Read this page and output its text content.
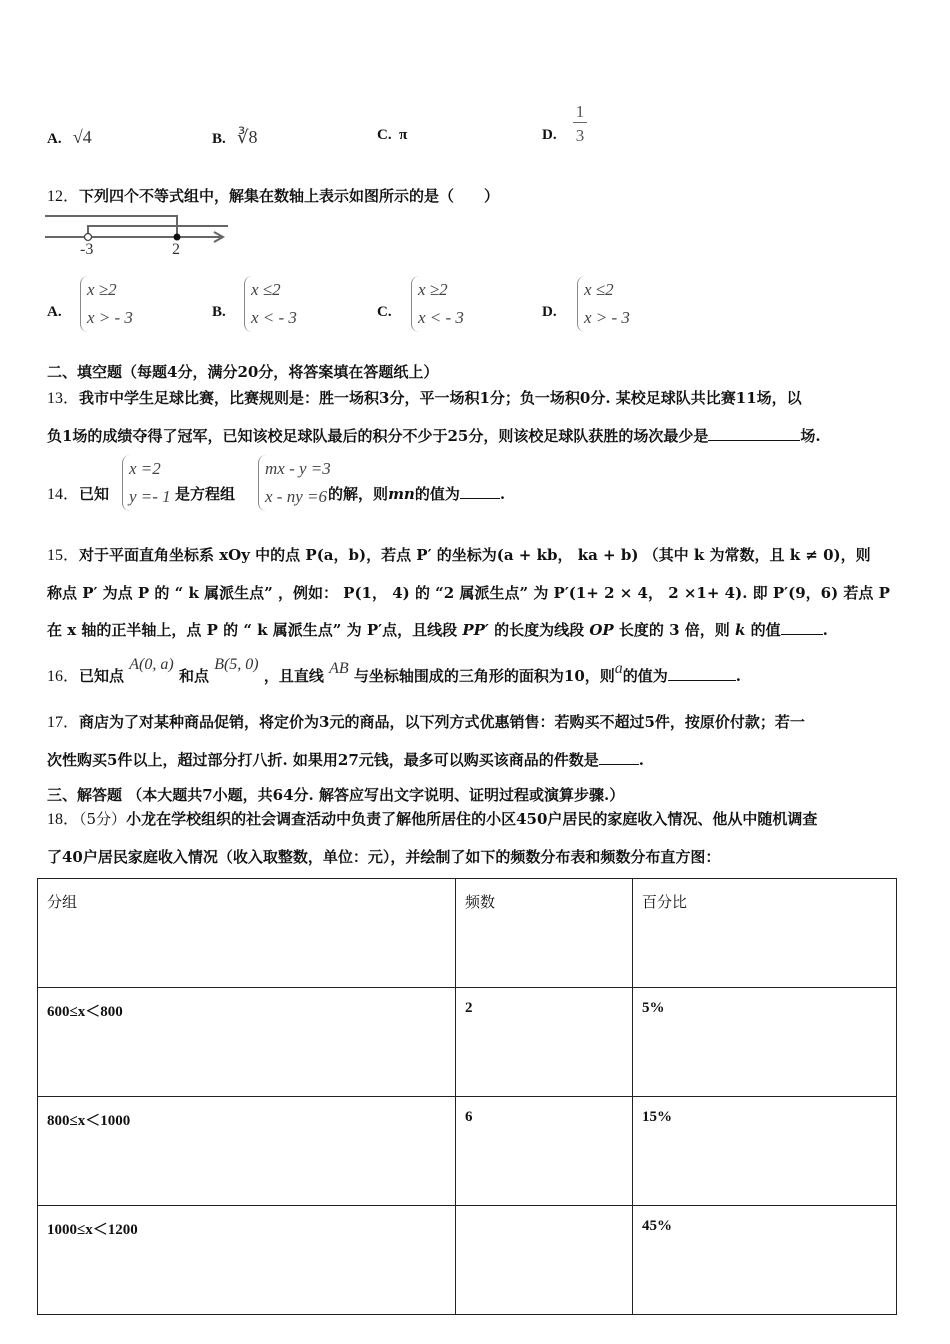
A. √4	B. ∛8	C. π	D.
1
3
12．下列四个不等式组中，解集在数轴上表示如图所示的是（　　）
-3	2
A.
x ≥2
x > - 3	B.
x ≤2
x < - 3	C.
x ≥2
x < - 3	D.
x ≤2
x > - 3
二、填空题（每题4分，满分20分，将答案填在答题纸上）
13．我市中学生足球比赛，比赛规则是：胜一场积3分，平一场积1分；负一场积0分. 某校足球队共比赛11场，以
负1场的成绩夺得了冠军，已知该校足球队最后的积分不少于25分，则该校足球队获胜的场次最少是	场.
14．已知	是方程组	的解，则mn的值为	.
x =2
y =- 1
mx - y =3
x - ny =6
15．对于平面直角坐标系 xOy 中的点 P(a，b)，若点 P′ 的坐标为(a + kb， ka + b) （其中 k 为常数，且 k ≠ 0)，则
称点 P′ 为点 P 的 “ k 属派生点” ，例如： P(1， 4) 的 “2 属派生点” 为 P′(1+ 2 × 4， 2 ×1+ 4). 即 P′(9，6) 若点 P
在 x 轴的正半轴上，点 P 的 “ k 属派生点” 为 P′点，且线段 PP′ 的长度为线段 OP 长度的 3 倍，则 k 的值	.
16．已知点 A(0, a) 和点 B(5, 0) ，且直线 AB 与坐标轴围成的三角形的面积为10，则a的值为	.
17．商店为了对某种商品促销，将定价为3元的商品，以下列方式优惠销售：若购买不超过5件，按原价付款；若一
次性购买5件以上，超过部分打八折. 如果用27元钱，最多可以购买该商品的件数是	.
三、解答题 （本大题共7小题，共64分. 解答应写出文字说明、证明过程或演算步骤.）
18．（5分）小龙在学校组织的社会调查活动中负责了解他所居住的小区450户居民的家庭收入情况、他从中随机调查
了40户居民家庭收入情况（收入取整数，单位：元），并绘制了如下的频数分布表和频数分布直方图：
分组	频数	百分比
600≤x＜800	2	5%
800≤x＜1000	6	15%
1000≤x＜1200		45%
